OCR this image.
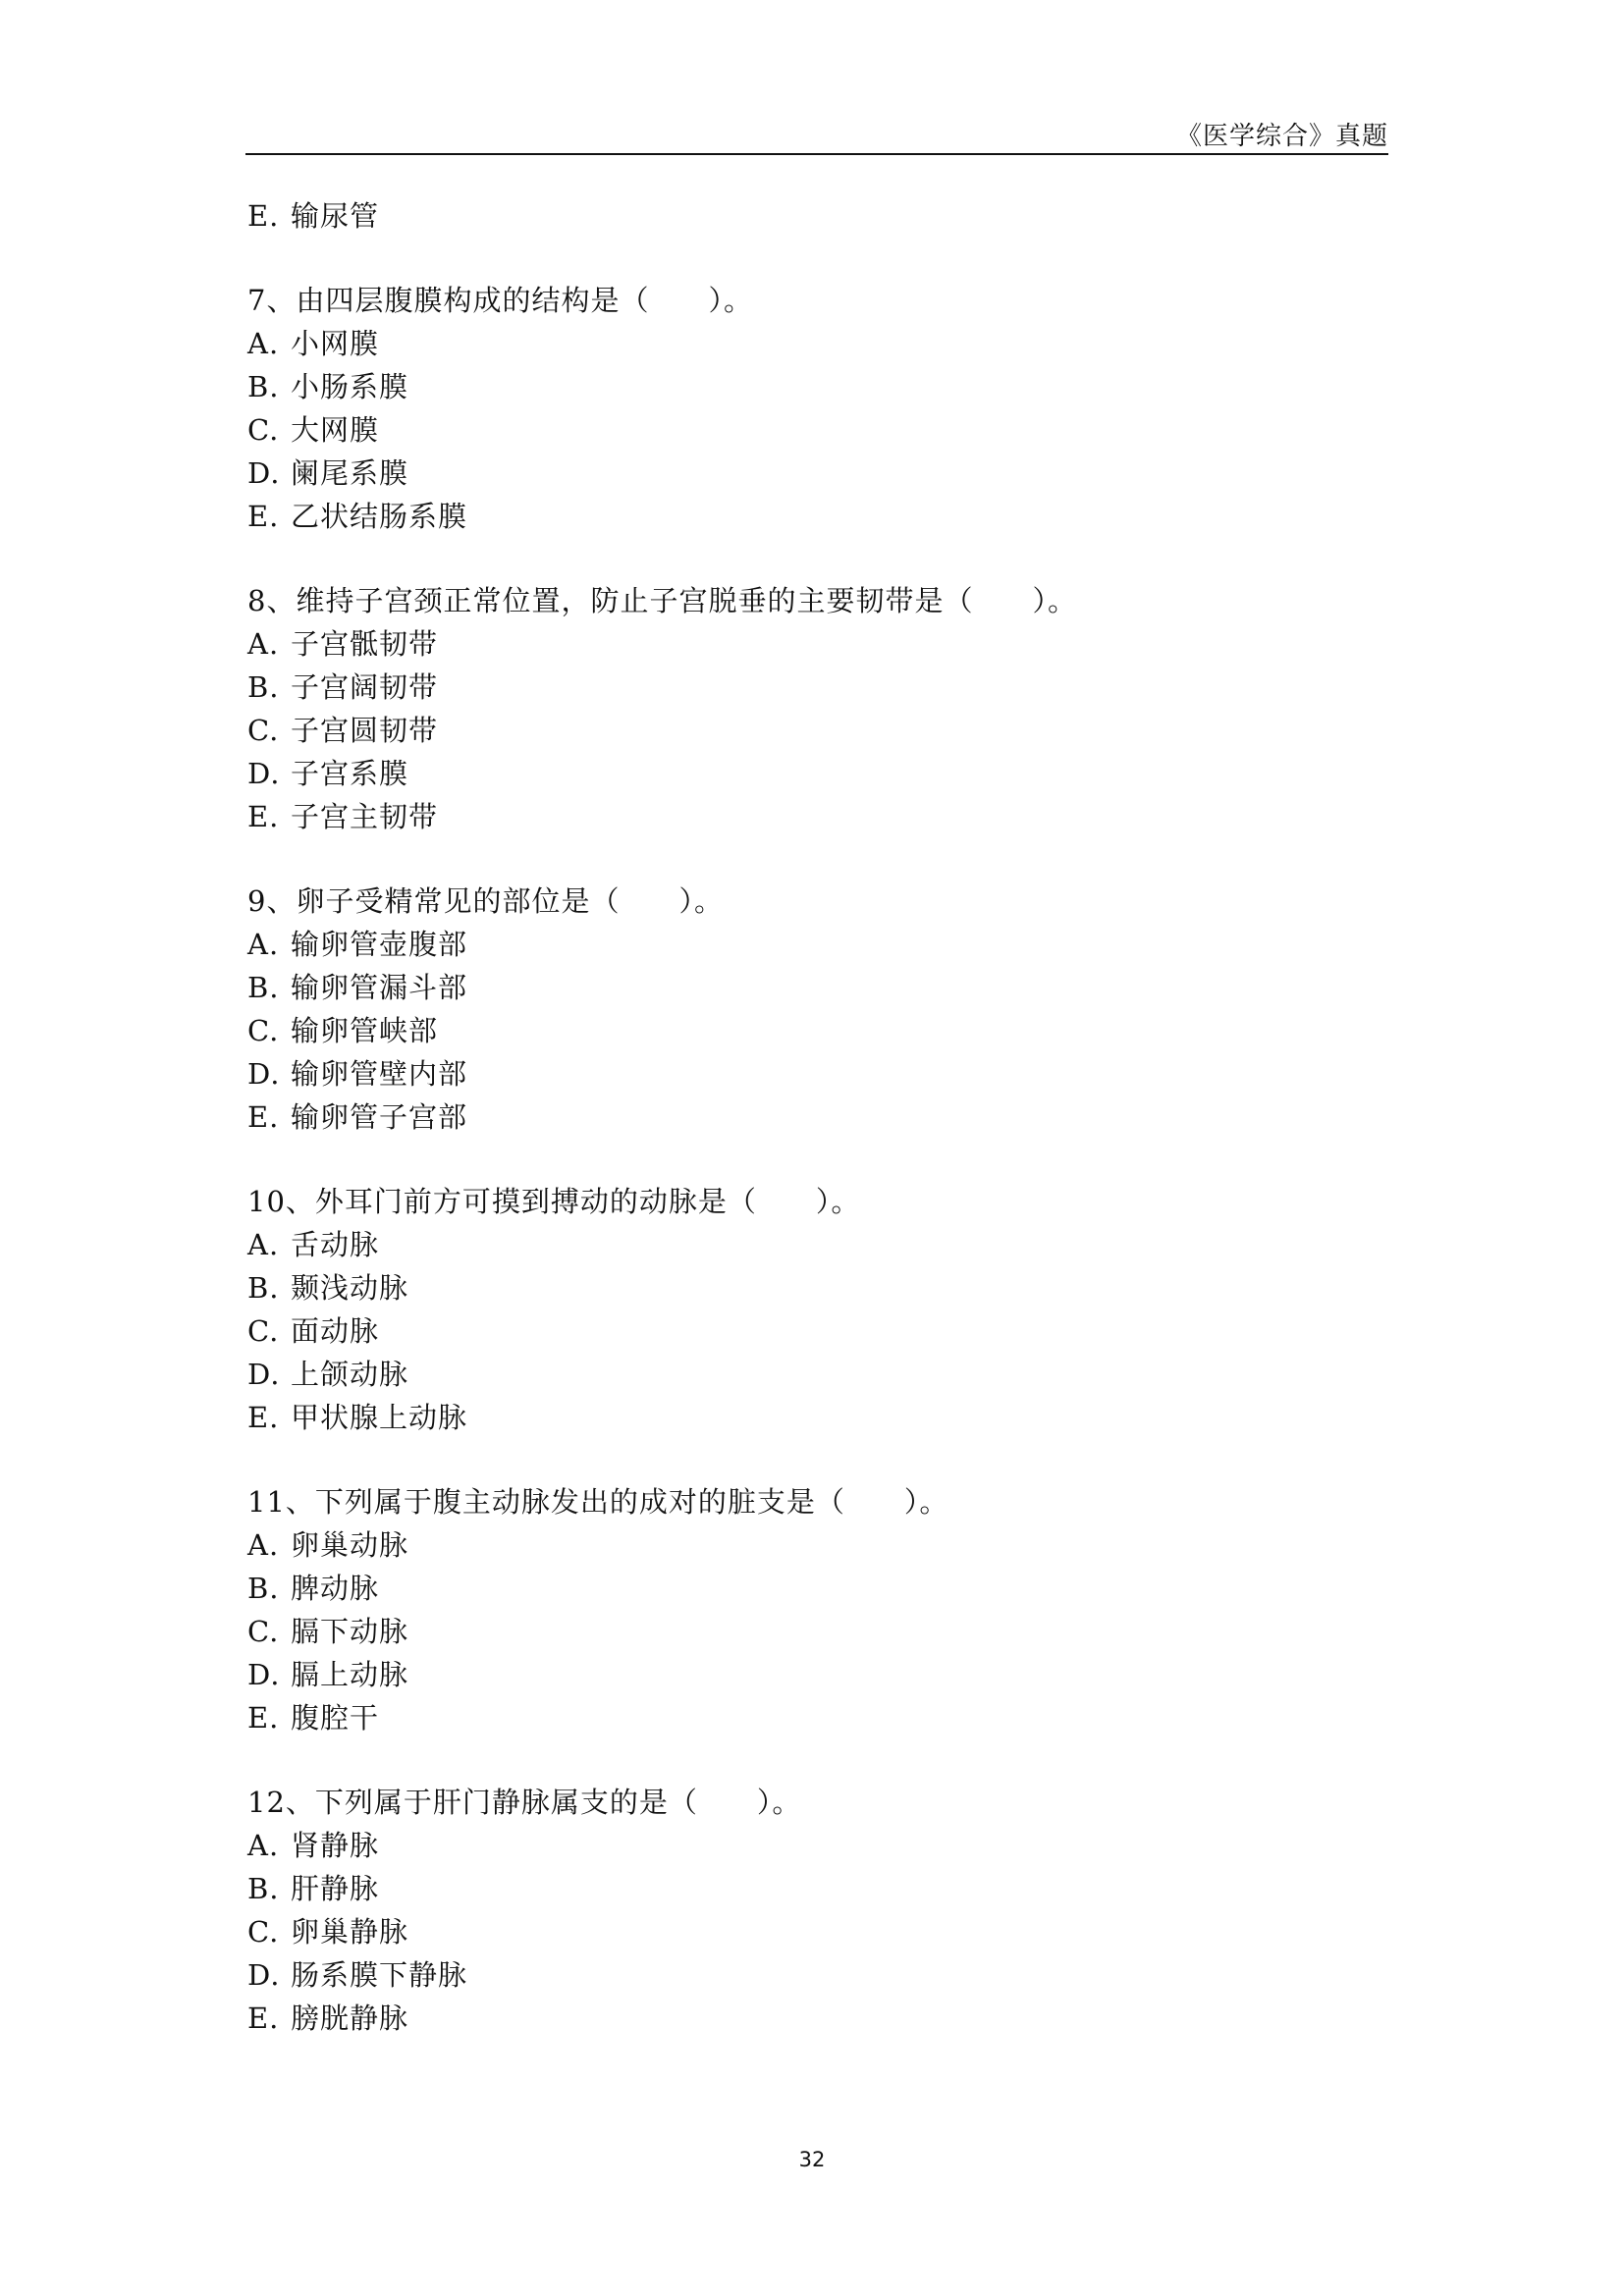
《医学综合》真题
E. 输尿管
7、由四层腹膜构成的结构是（　　）。
A. 小网膜
B. 小肠系膜
C. 大网膜
D. 阑尾系膜
E. 乙状结肠系膜
8、维持子宫颈正常位置，防止子宫脱垂的主要韧带是（　　）。
A. 子宫骶韧带
B. 子宫阔韧带
C. 子宫圆韧带
D. 子宫系膜
E. 子宫主韧带
9、卵子受精常见的部位是（　　）。
A. 输卵管壶腹部
B. 输卵管漏斗部
C. 输卵管峡部
D. 输卵管壁内部
E. 输卵管子宫部
10、外耳门前方可摸到搏动的动脉是（　　）。
A. 舌动脉
B. 颞浅动脉
C. 面动脉
D. 上颌动脉
E. 甲状腺上动脉
11、下列属于腹主动脉发出的成对的脏支是（　　）。
A. 卵巢动脉
B. 脾动脉
C. 膈下动脉
D. 膈上动脉
E. 腹腔干
12、下列属于肝门静脉属支的是（　　）。
A. 肾静脉
B. 肝静脉
C. 卵巢静脉
D. 肠系膜下静脉
E. 膀胱静脉
32
